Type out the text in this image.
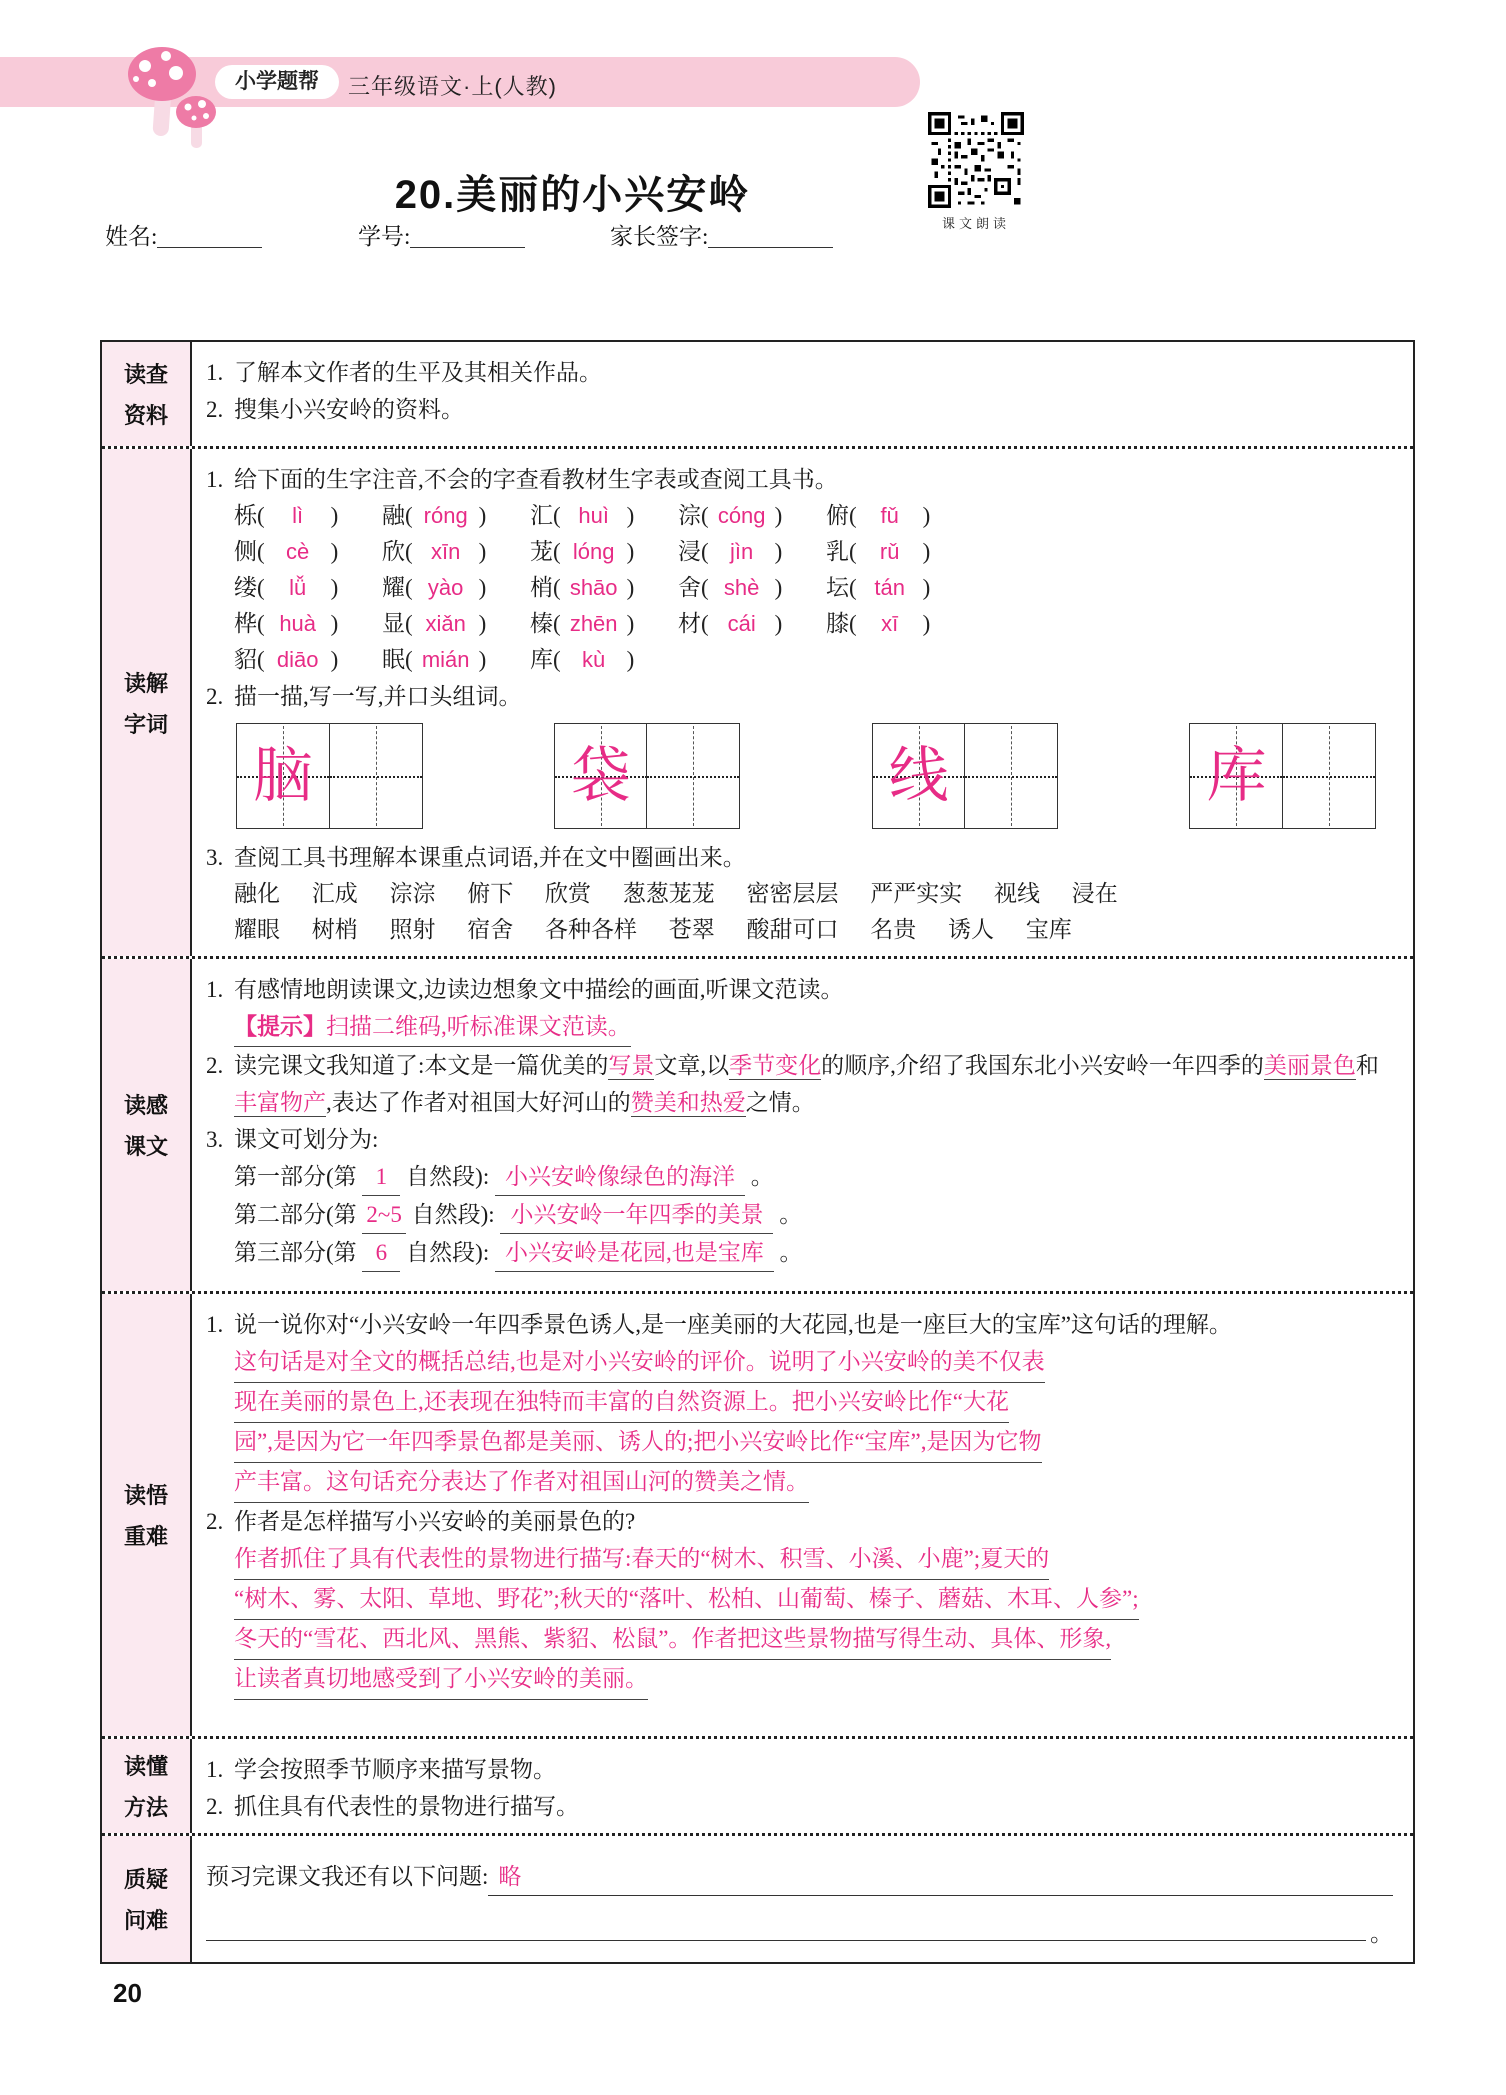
小学题帮	三年级语文·上(人教)
20.美丽的小兴安岭
课文朗读
姓名:	学号:	家长签字:
读查
资料
1. 了解本文作者的生平及其相关作品。
2. 搜集小兴安岭的资料。
读解
字词
1. 给下面的生字注音,不会的字查看教材生字表或查阅工具书。
栎 (	lì	) 融 ( róng ) 汇 ( huì ) 淙 ( cóng ) 俯 (	fǔ	)
侧 ( cè ) 欣 ( xīn ) 茏 ( lóng ) 浸 ( jìn ) 乳 (	rǔ	)
缕 (	lǚ	) 耀 ( yào ) 梢 ( shāo ) 舍 ( shè ) 坛 ( tán )
桦 ( huà ) 显 ( xiǎn ) 榛 ( zhēn ) 材 ( cái ) 膝 (	xī	)
貂 ( diāo ) 眠 ( mián ) 库 ( kù )
2. 描一描,写一写,并口头组词。
脑	袋	线	库
3. 查阅工具书理解本课重点词语,并在文中圈画出来。
融化 汇成 淙淙 俯下 欣赏 葱葱茏茏 密密层层 严严实实 视线 浸在
耀眼 树梢 照射 宿舍 各种各样 苍翠 酸甜可口 名贵 诱人 宝库
读感
课文
1. 有感情地朗读课文,边读边想象文中描绘的画面,听课文范读。
【提示】扫描二维码,听标准课文范读。
2. 读完课文我知道了:本文是一篇优美的写景文章,以季节变化的顺序,介绍了我国东北小兴安岭一年四季的美丽景色和丰富物产,表达了作者对祖国大好河山的赞美和热爱之情。
3. 课文可划分为:
第一部分(第 1 自然段): 小兴安岭像绿色的海洋 。
第二部分(第 2~5 自然段): 小兴安岭一年四季的美景 。
第三部分(第 6 自然段): 小兴安岭是花园,也是宝库 。
读悟
重难
1. 说一说你对“小兴安岭一年四季景色诱人,是一座美丽的大花园,也是一座巨大的宝库”这句话的理解。
这句话是对全文的概括总结,也是对小兴安岭的评价。说明了小兴安岭的美不仅表
现在美丽的景色上,还表现在独特而丰富的自然资源上。把小兴安岭比作“大花
园”,是因为它一年四季景色都是美丽、诱人的;把小兴安岭比作“宝库”,是因为它物
产丰富。这句话充分表达了作者对祖国山河的赞美之情。
2. 作者是怎样描写小兴安岭的美丽景色的?
作者抓住了具有代表性的景物进行描写:春天的“树木、积雪、小溪、小鹿”;夏天的
“树木、雾、太阳、草地、野花”;秋天的“落叶、松柏、山葡萄、榛子、蘑菇、木耳、人参”;
冬天的“雪花、西北风、黑熊、紫貂、松鼠”。作者把这些景物描写得生动、具体、形象,
让读者真切地感受到了小兴安岭的美丽。
读懂
方法
1. 学会按照季节顺序来描写景物。
2. 抓住具有代表性的景物进行描写。
质疑
问难
预习完课文我还有以下问题: 略
。
20
